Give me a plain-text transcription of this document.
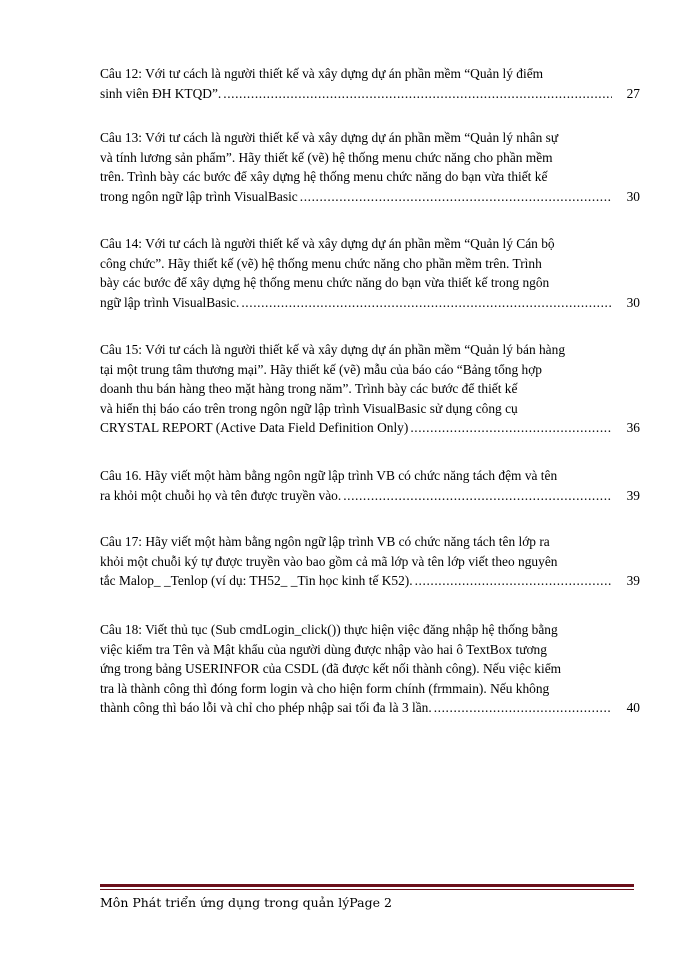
Câu 12: Với tư cách là người thiết kế và xây dựng dự án phần mềm “Quản lý điểm
sinh viên ĐH KTQD”. .....	27

Câu 13: Với tư cách là người thiết kế và xây dựng dự án phần mềm “Quản lý nhân sự
và tính lương sản phẩm”. Hãy thiết kế (vẽ) hệ thống menu chức năng cho phần mềm
trên. Trình bày các bước để xây dựng hệ thống menu chức năng do bạn vừa thiết kế
trong ngôn ngữ lập trình VisualBasic .....	30

Câu 14: Với tư cách là người thiết kế và xây dựng dự án phần mềm “Quản lý Cán bộ
công chức”. Hãy thiết kế (vẽ) hệ thống menu chức năng cho phần mềm trên. Trình
bày các bước để xây dựng hệ thống menu chức năng do bạn vừa thiết kế trong ngôn
ngữ lập trình VisualBasic. .....	30

Câu 15: Với tư cách là người thiết kế và xây dựng dự án phần mềm “Quản lý bán hàng
tại một trung tâm thương mại”. Hãy thiết kế (vẽ) mẫu của báo cáo “Bảng tổng hợp
doanh thu bán hàng theo mặt hàng trong năm”. Trình bày các bước để thiết kế
và hiển thị báo cáo trên trong ngôn ngữ lập trình VisualBasic sử dụng công cụ
CRYSTAL REPORT (Active Data Field Definition Only) .....	36

Câu 16. Hãy viết một hàm bằng ngôn ngữ lập trình VB có chức năng tách đệm và tên
ra khỏi một chuỗi họ và tên được truyền vào. .....	39

Câu 17: Hãy viết một hàm bằng ngôn ngữ lập trình VB có chức năng tách tên lớp ra
khỏi một chuỗi ký tự được truyền vào bao gồm cả mã lớp và tên lớp viết theo nguyên
tắc Malop_ _Tenlop (ví dụ: TH52_ _Tin học kinh tế K52). .....	39

Câu 18: Viết thủ tục (Sub cmdLogin_click()) thực hiện việc đăng nhập hệ thống bằng
việc kiểm tra Tên và Mật khẩu của người dùng được nhập vào hai ô TextBox tương
ứng trong bảng USERINFOR của CSDL (đã được kết nối thành công). Nếu việc kiểm
tra là thành công thì đóng form login và cho hiện form chính (frmmain). Nếu không
thành công thì báo lỗi và chỉ cho phép nhập sai tối đa là 3 lần. .....	40

Môn Phát triển ứng dụng trong quản lýPage 2
